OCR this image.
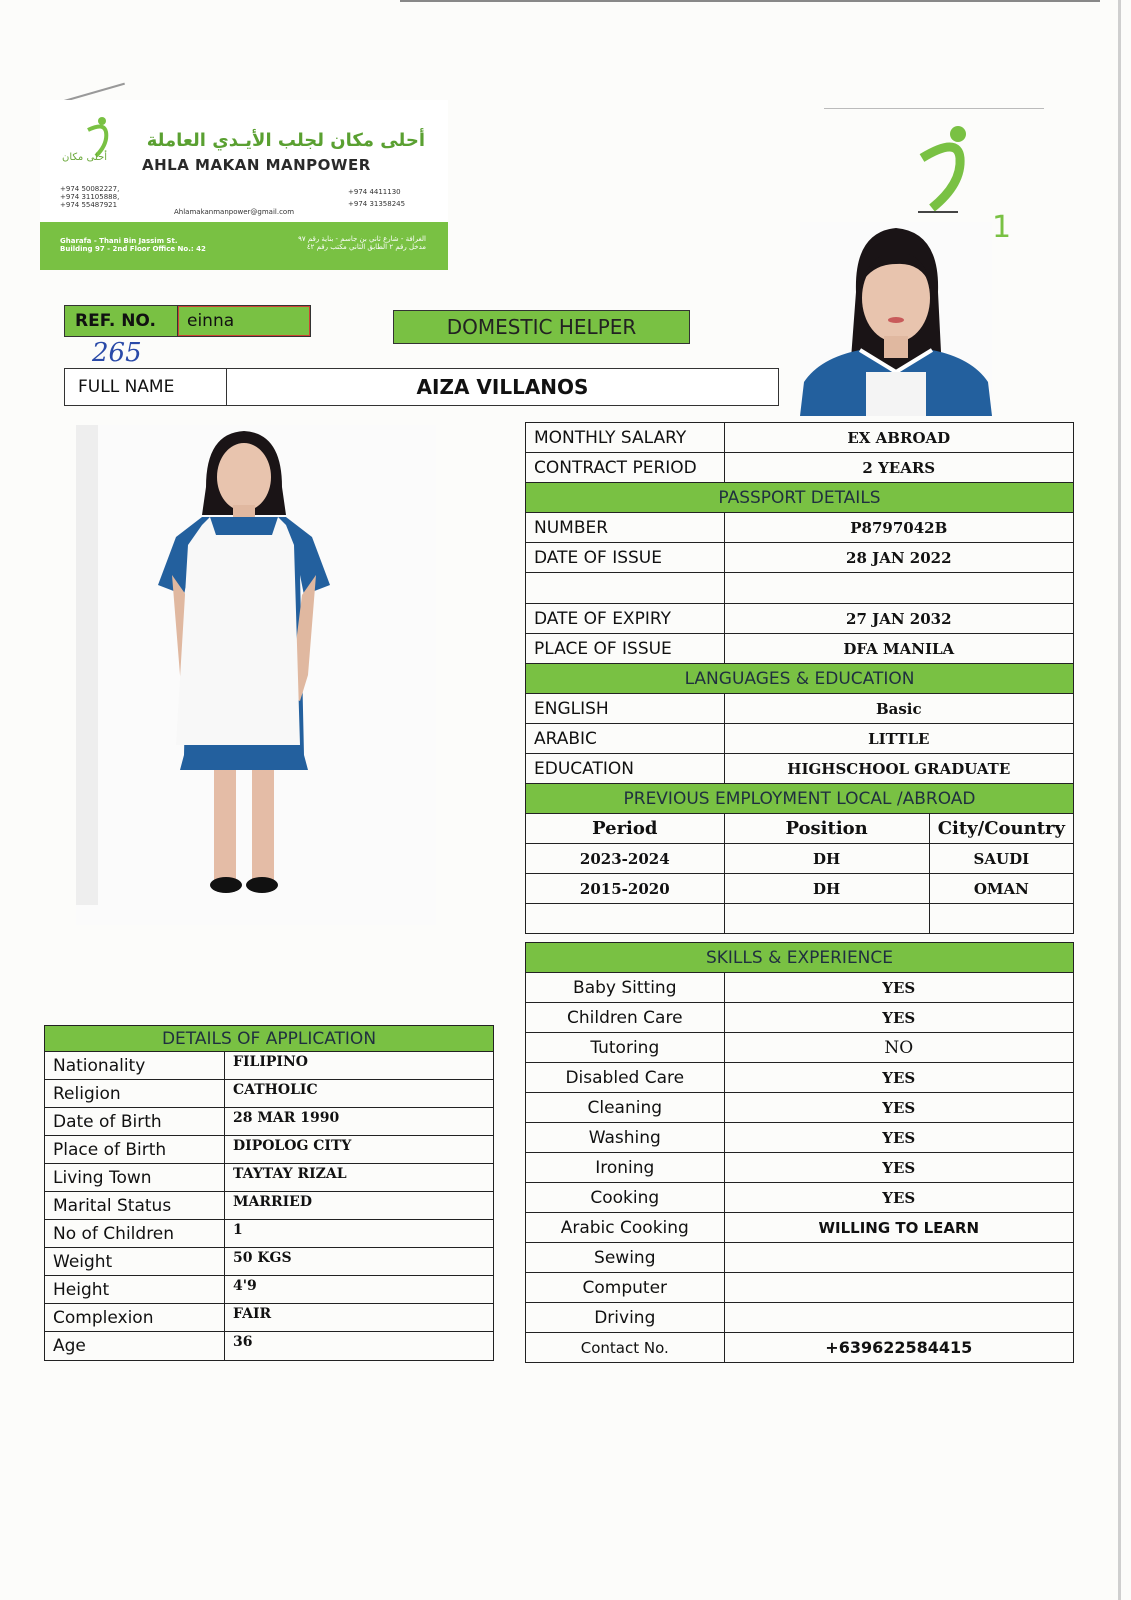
أحلى مكان
أحلى مكان لجلب الأيـدي العاملة
AHLA MAKAN MANPOWER
+974 50082227,
+974 31105888,
+974 55487921
Ahlamakanmanpower@gmail.com
+974 4411130
+974 31358245
Gharafa - Thani Bin Jassim St.
Building 97 - 2nd Floor Office No.: 42
الغرافة - شارع ثاني بن جاسم - بناية رقم ٩٧
مدخل رقم ٢ الطابق الثاني مكتب رقم ٤٢
1
REF. NO.	einna
265
DOMESTIC HELPER
FULL NAME	AIZA VILLANOS
MONTHLY SALARY	EX ABROAD	
CONTRACT PERIOD	2 YEARS	
PASSPORT DETAILS		
NUMBER	P8797042B	
DATE OF ISSUE	28 JAN 2022	

DATE OF EXPIRY	27 JAN 2032	
PLACE OF ISSUE	DFA MANILA	
LANGUAGES & EDUCATION		
ENGLISH	Basic	
ARABIC	LITTLE	
EDUCATION	HIGHSCHOOL GRADUATE	
PREVIOUS EMPLOYMENT LOCAL /ABROAD		
Period	Position	City/Country
2023-2024	DH	SAUDI
2015-2020	DH	OMAN

SKILLS & EXPERIENCE		
Baby Sitting	YES	
Children Care	YES	
Tutoring	NO	
Disabled Care	YES	
Cleaning	YES	
Washing	YES	
Ironing	YES	
Cooking	YES	
Arabic Cooking	WILLING TO LEARN	
Sewing		
Computer		
Driving		
Contact No.	+639622584415	
DETAILS OF APPLICATION	
Nationality	FILIPINO
Religion	CATHOLIC
Date of Birth	28 MAR 1990
Place of Birth	DIPOLOG CITY
Living Town	TAYTAY RIZAL
Marital Status	MARRIED
No of Children	1
Weight	50 KGS
Height	4'9
Complexion	FAIR
Age	36
